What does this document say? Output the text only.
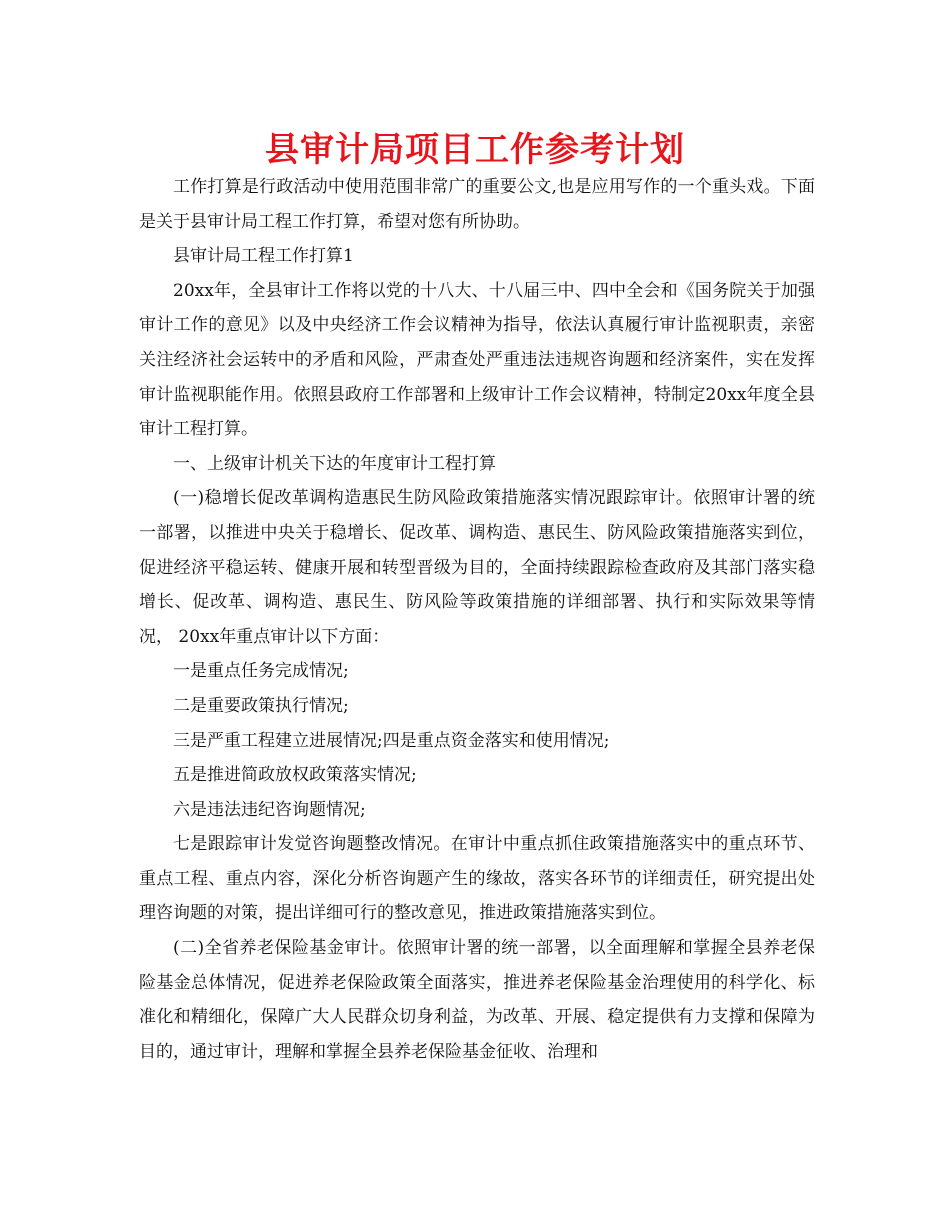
县审计局项目工作参考计划

工作打算是行政活动中使用范围非常广的重要公文,也是应用写作的一个重头戏。下面是关于县审计局工程工作打算，希望对您有所协助。

县审计局工程工作打算1

20xx年，全县审计工作将以党的十八大、十八届三中、四中全会和《国务院关于加强审计工作的意见》以及中央经济工作会议精神为指导，依法认真履行审计监视职责，亲密关注经济社会运转中的矛盾和风险，严肃查处严重违法违规咨询题和经济案件，实在发挥审计监视职能作用。依照县政府工作部署和上级审计工作会议精神，特制定20xx年度全县审计工程打算。

一、上级审计机关下达的年度审计工程打算

(一)稳增长促改革调构造惠民生防风险政策措施落实情况跟踪审计。依照审计署的统一部署，以推进中央关于稳增长、促改革、调构造、惠民生、防风险政策措施落实到位，促进经济平稳运转、健康开展和转型晋级为目的，全面持续跟踪检查政府及其部门落实稳增长、促改革、调构造、惠民生、防风险等政策措施的详细部署、执行和实际效果等情况， 20xx年重点审计以下方面：

一是重点任务完成情况;

二是重要政策执行情况;

三是严重工程建立进展情况;四是重点资金落实和使用情况;

五是推进简政放权政策落实情况;

六是违法违纪咨询题情况;

七是跟踪审计发觉咨询题整改情况。在审计中重点抓住政策措施落实中的重点环节、重点工程、重点内容，深化分析咨询题产生的缘故，落实各环节的详细责任，研究提出处理咨询题的对策，提出详细可行的整改意见，推进政策措施落实到位。

(二)全省养老保险基金审计。依照审计署的统一部署，以全面理解和掌握全县养老保险基金总体情况，促进养老保险政策全面落实，推进养老保险基金治理使用的科学化、标准化和精细化，保障广大人民群众切身利益，为改革、开展、稳定提供有力支撑和保障为目的，通过审计，理解和掌握全县养老保险基金征收、治理和
